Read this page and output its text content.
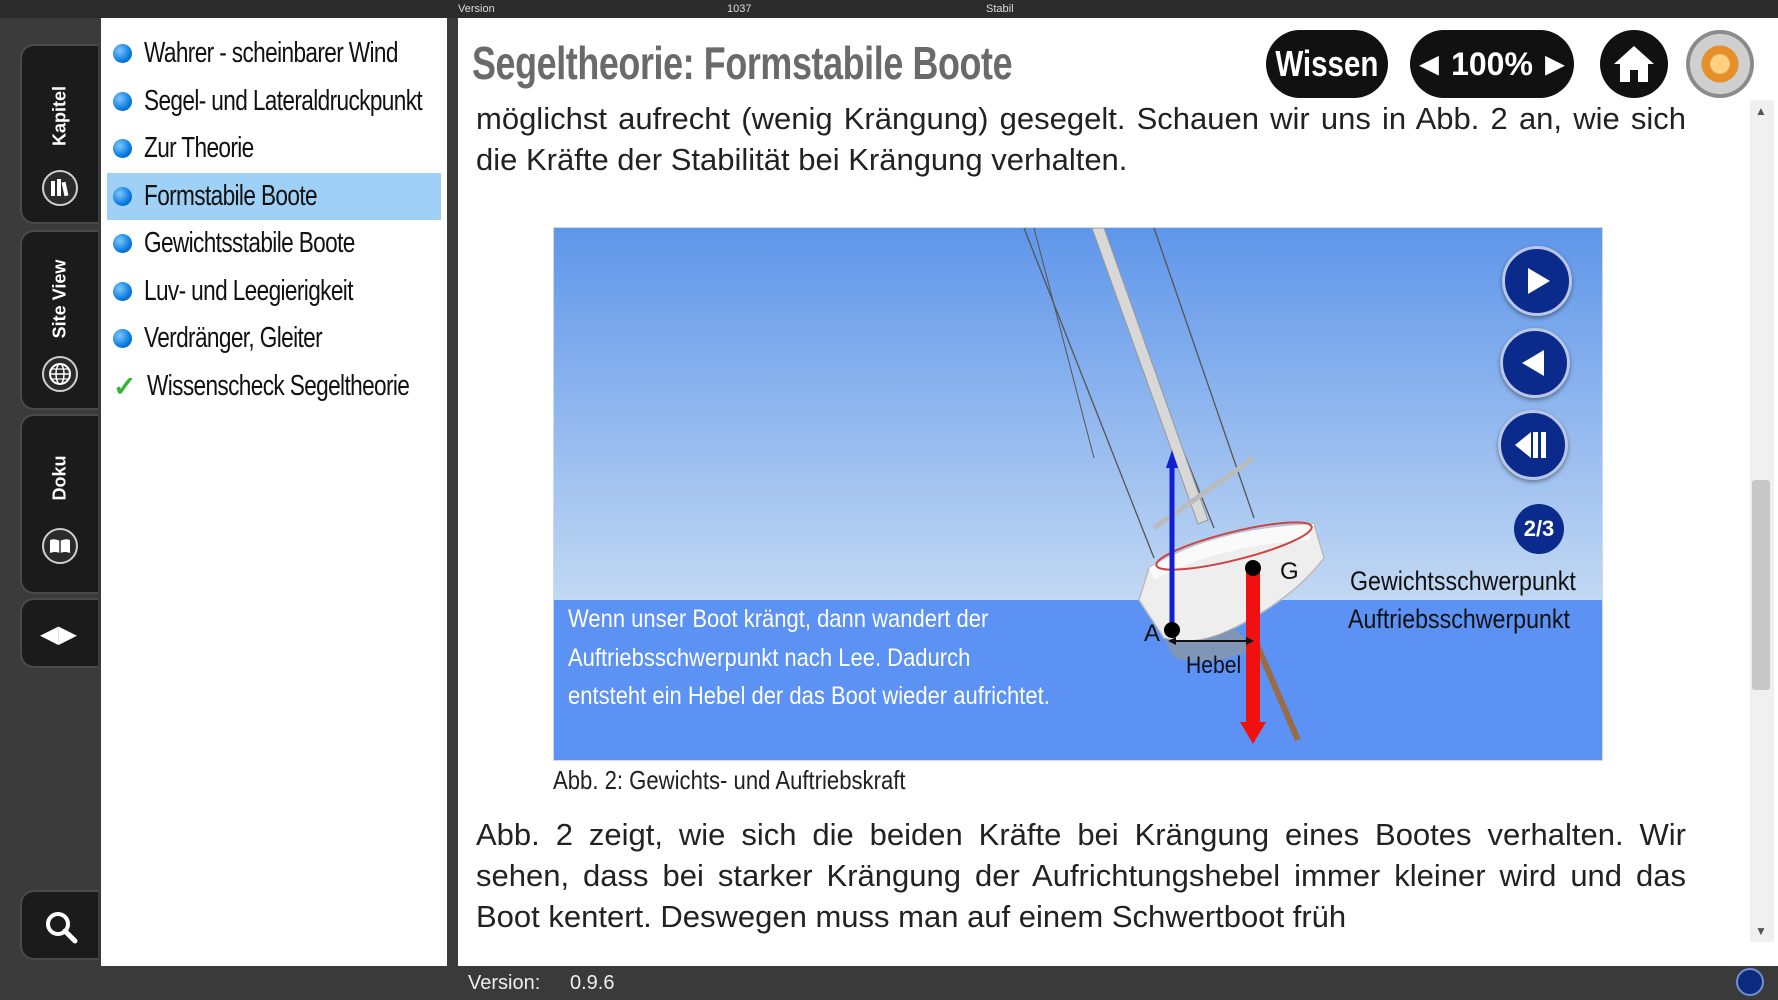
Version	1037	Stabil
Kapitel
Site View
Doku
◀▶
Wahrer - scheinbarer Wind
Segel- und Lateraldruckpunkt
Zur Theorie
Formstabile Boote
Gewichtsstabile Boote
Luv- und Leegierigkeit
Verdränger, Gleiter
✓ Wissenscheck Segeltheorie
Segeltheorie: Formstabile Boote	Wissen ◀ 100% ▶

möglichst aufrecht (wenig Krängung) gesegelt. Schauen wir uns in Abb. 2 an, wie sich die Kräfte der Stabilität bei Krängung verhalten.

G
A
Hebel
Wenn unser Boot krängt, dann wandert der
Auftriebsschwerpunkt nach Lee. Dadurch
entsteht ein Hebel der das Boot wieder aufrichtet.
Gewichtsschwerpunkt
Auftriebsschwerpunkt
2/3
Abb. 2: Gewichts- und Auftriebskraft

Abb. 2 zeigt, wie sich die beiden Kräfte bei Krängung eines Bootes verhalten. Wir sehen, dass bei starker Krängung der Aufrichtungshebel immer kleiner wird und das Boot kentert. Deswegen muss man auf einem Schwertboot früh

▲
▼
Version: 0.9.6
